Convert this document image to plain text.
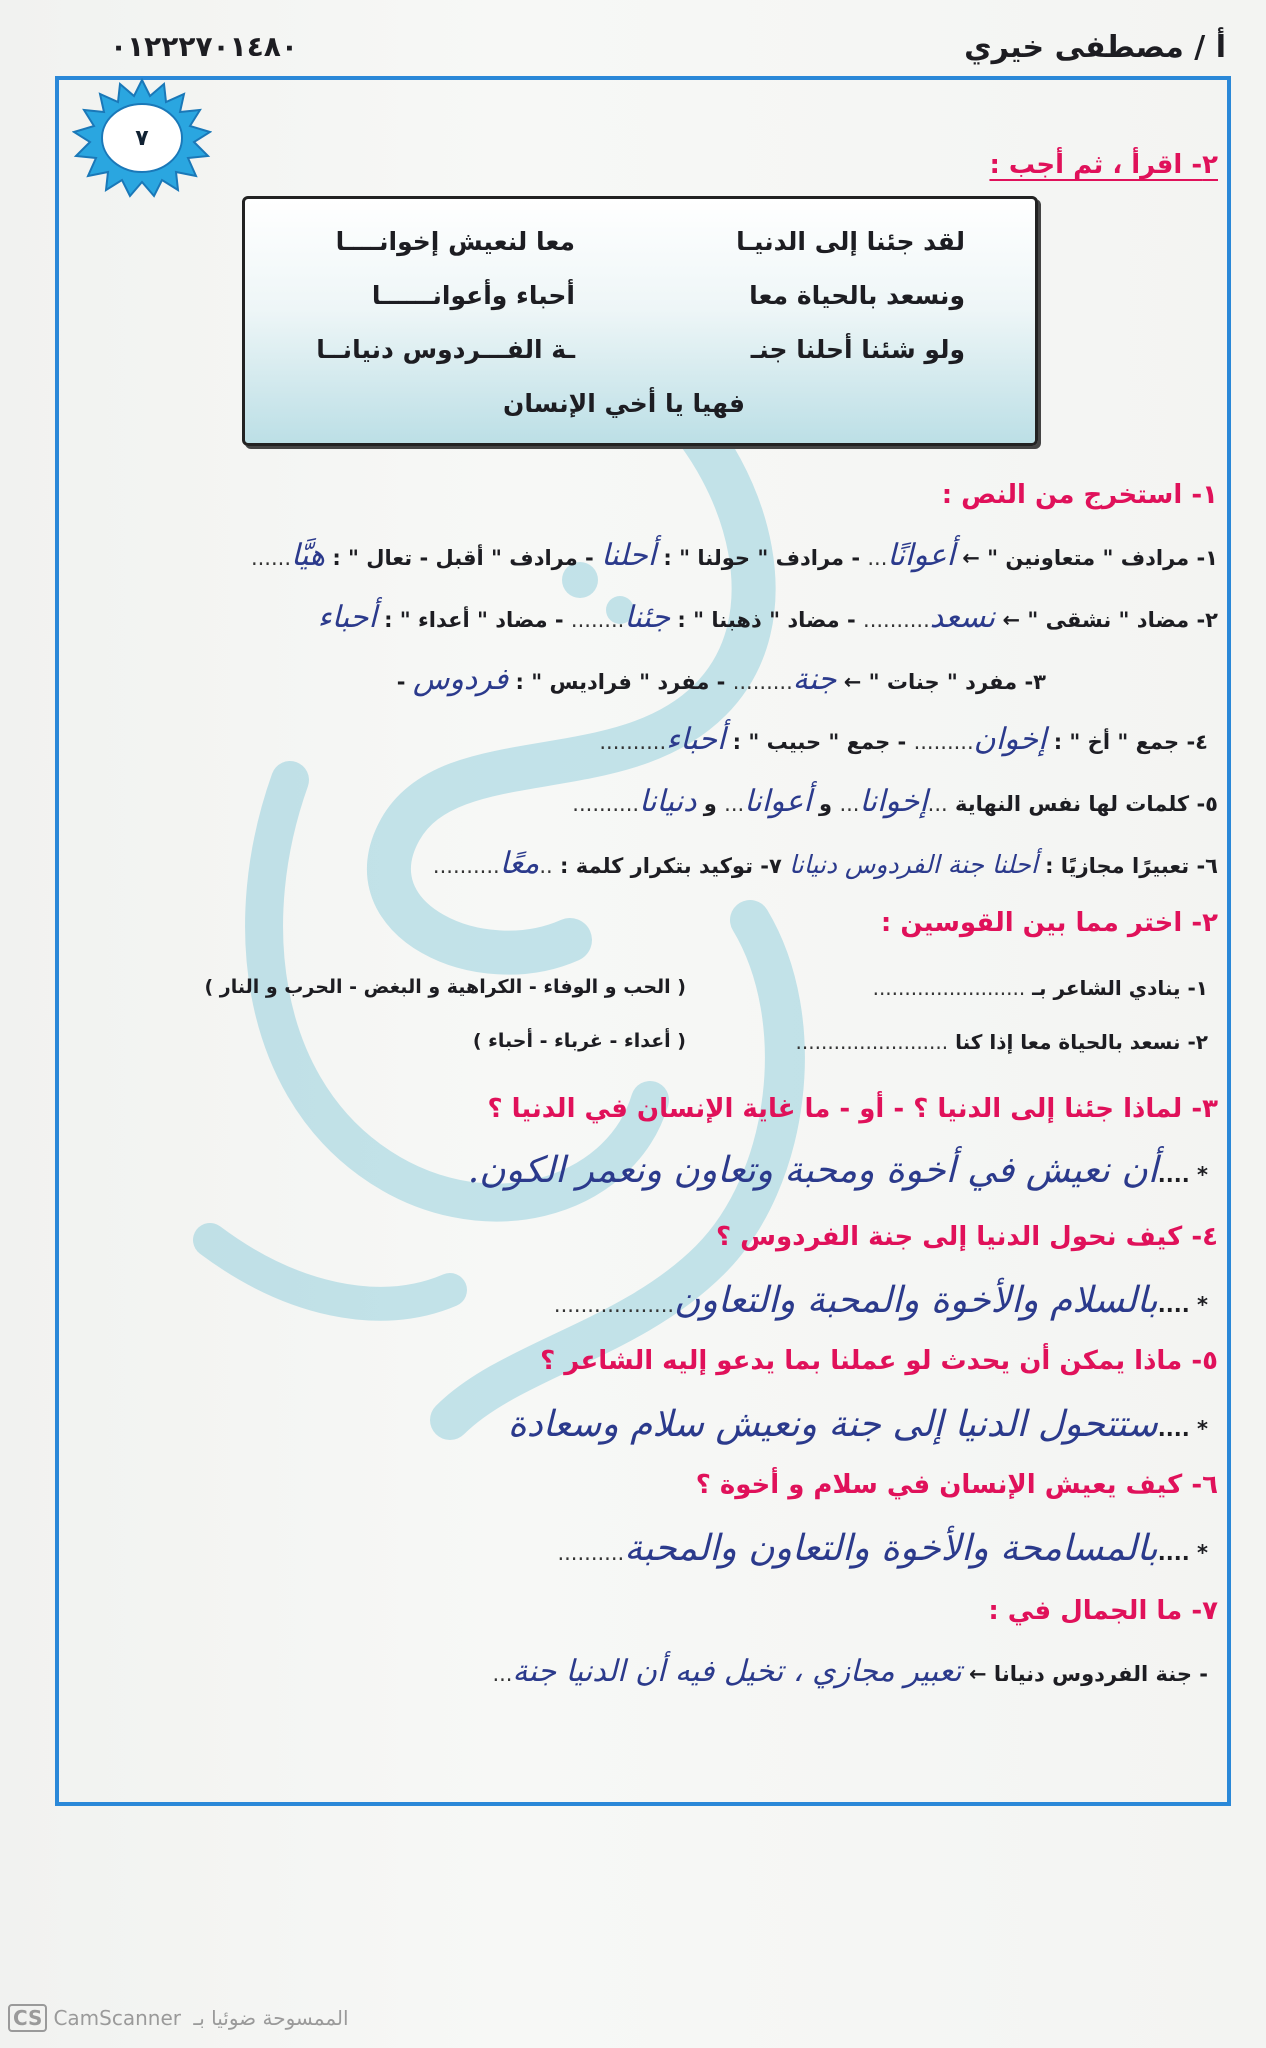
أ / مصطفى خيري
٠١٢٢٢٧٠١٤٨٠
٧
٢- اقرأ ، ثم أجب :
لقد جئنا إلى الدنيـا
معا لنعيش إخوانــــا
ونسعد بالحياة معا
أحباء وأعوانــــــا
ولو شئنا أحلنا جنـ
ـة الفـــردوس دنيانــا
فهيا يا أخي الإنسان
١- استخرج من النص :
١- مرادف " متعاونين " ← أعوانًا... - مرادف " حولنا " : أحلنا - مرادف " أقبل - تعال " : هيَّا......
٢- مضاد " نشقى " ← نسعد.......... - مضاد " ذهبنا " : جئنا........ - مضاد " أعداء " : أحباء
٣- مفرد " جنات " ← جنة......... - مفرد " فراديس " : فردوس -
٤- جمع " أخ " : إخوان......... - جمع " حبيب " : أحباء..........
٥- كلمات لها نفس النهاية ...إخوانا... و أعوانا... و دنيانا..........
٦- تعبيرًا مجازيًا : أحلنا جنة الفردوس دنيانا ٧- توكيد بتكرار كلمة : ..معًا..........
٢- اختر مما بين القوسين :
١- ينادي الشاعر بـ ........................
( الحب و الوفاء - الكراهية و البغض - الحرب و النار )
٢- نسعد بالحياة معا إذا كنا ........................
( أعداء - غرباء - أحباء )
٣- لماذا جئنا إلى الدنيا ؟ - أو - ما غاية الإنسان في الدنيا ؟
* ....أن نعيش في أخوة ومحبة وتعاون ونعمر الكون.
٤- كيف نحول الدنيا إلى جنة الفردوس ؟
* ....بالسلام والأخوة والمحبة والتعاون..................
٥- ماذا يمكن أن يحدث لو عملنا بما يدعو إليه الشاعر ؟
* ....ستتحول الدنيا إلى جنة ونعيش سلام وسعادة
٦- كيف يعيش الإنسان في سلام و أخوة ؟
* ....بالمسامحة والأخوة والتعاون والمحبة..........
٧- ما الجمال في :
- جنة الفردوس دنيانا ← تعبير مجازي ، تخيل فيه أن الدنيا جنة...
CS CamScanner الممسوحة ضوئيا بـ
